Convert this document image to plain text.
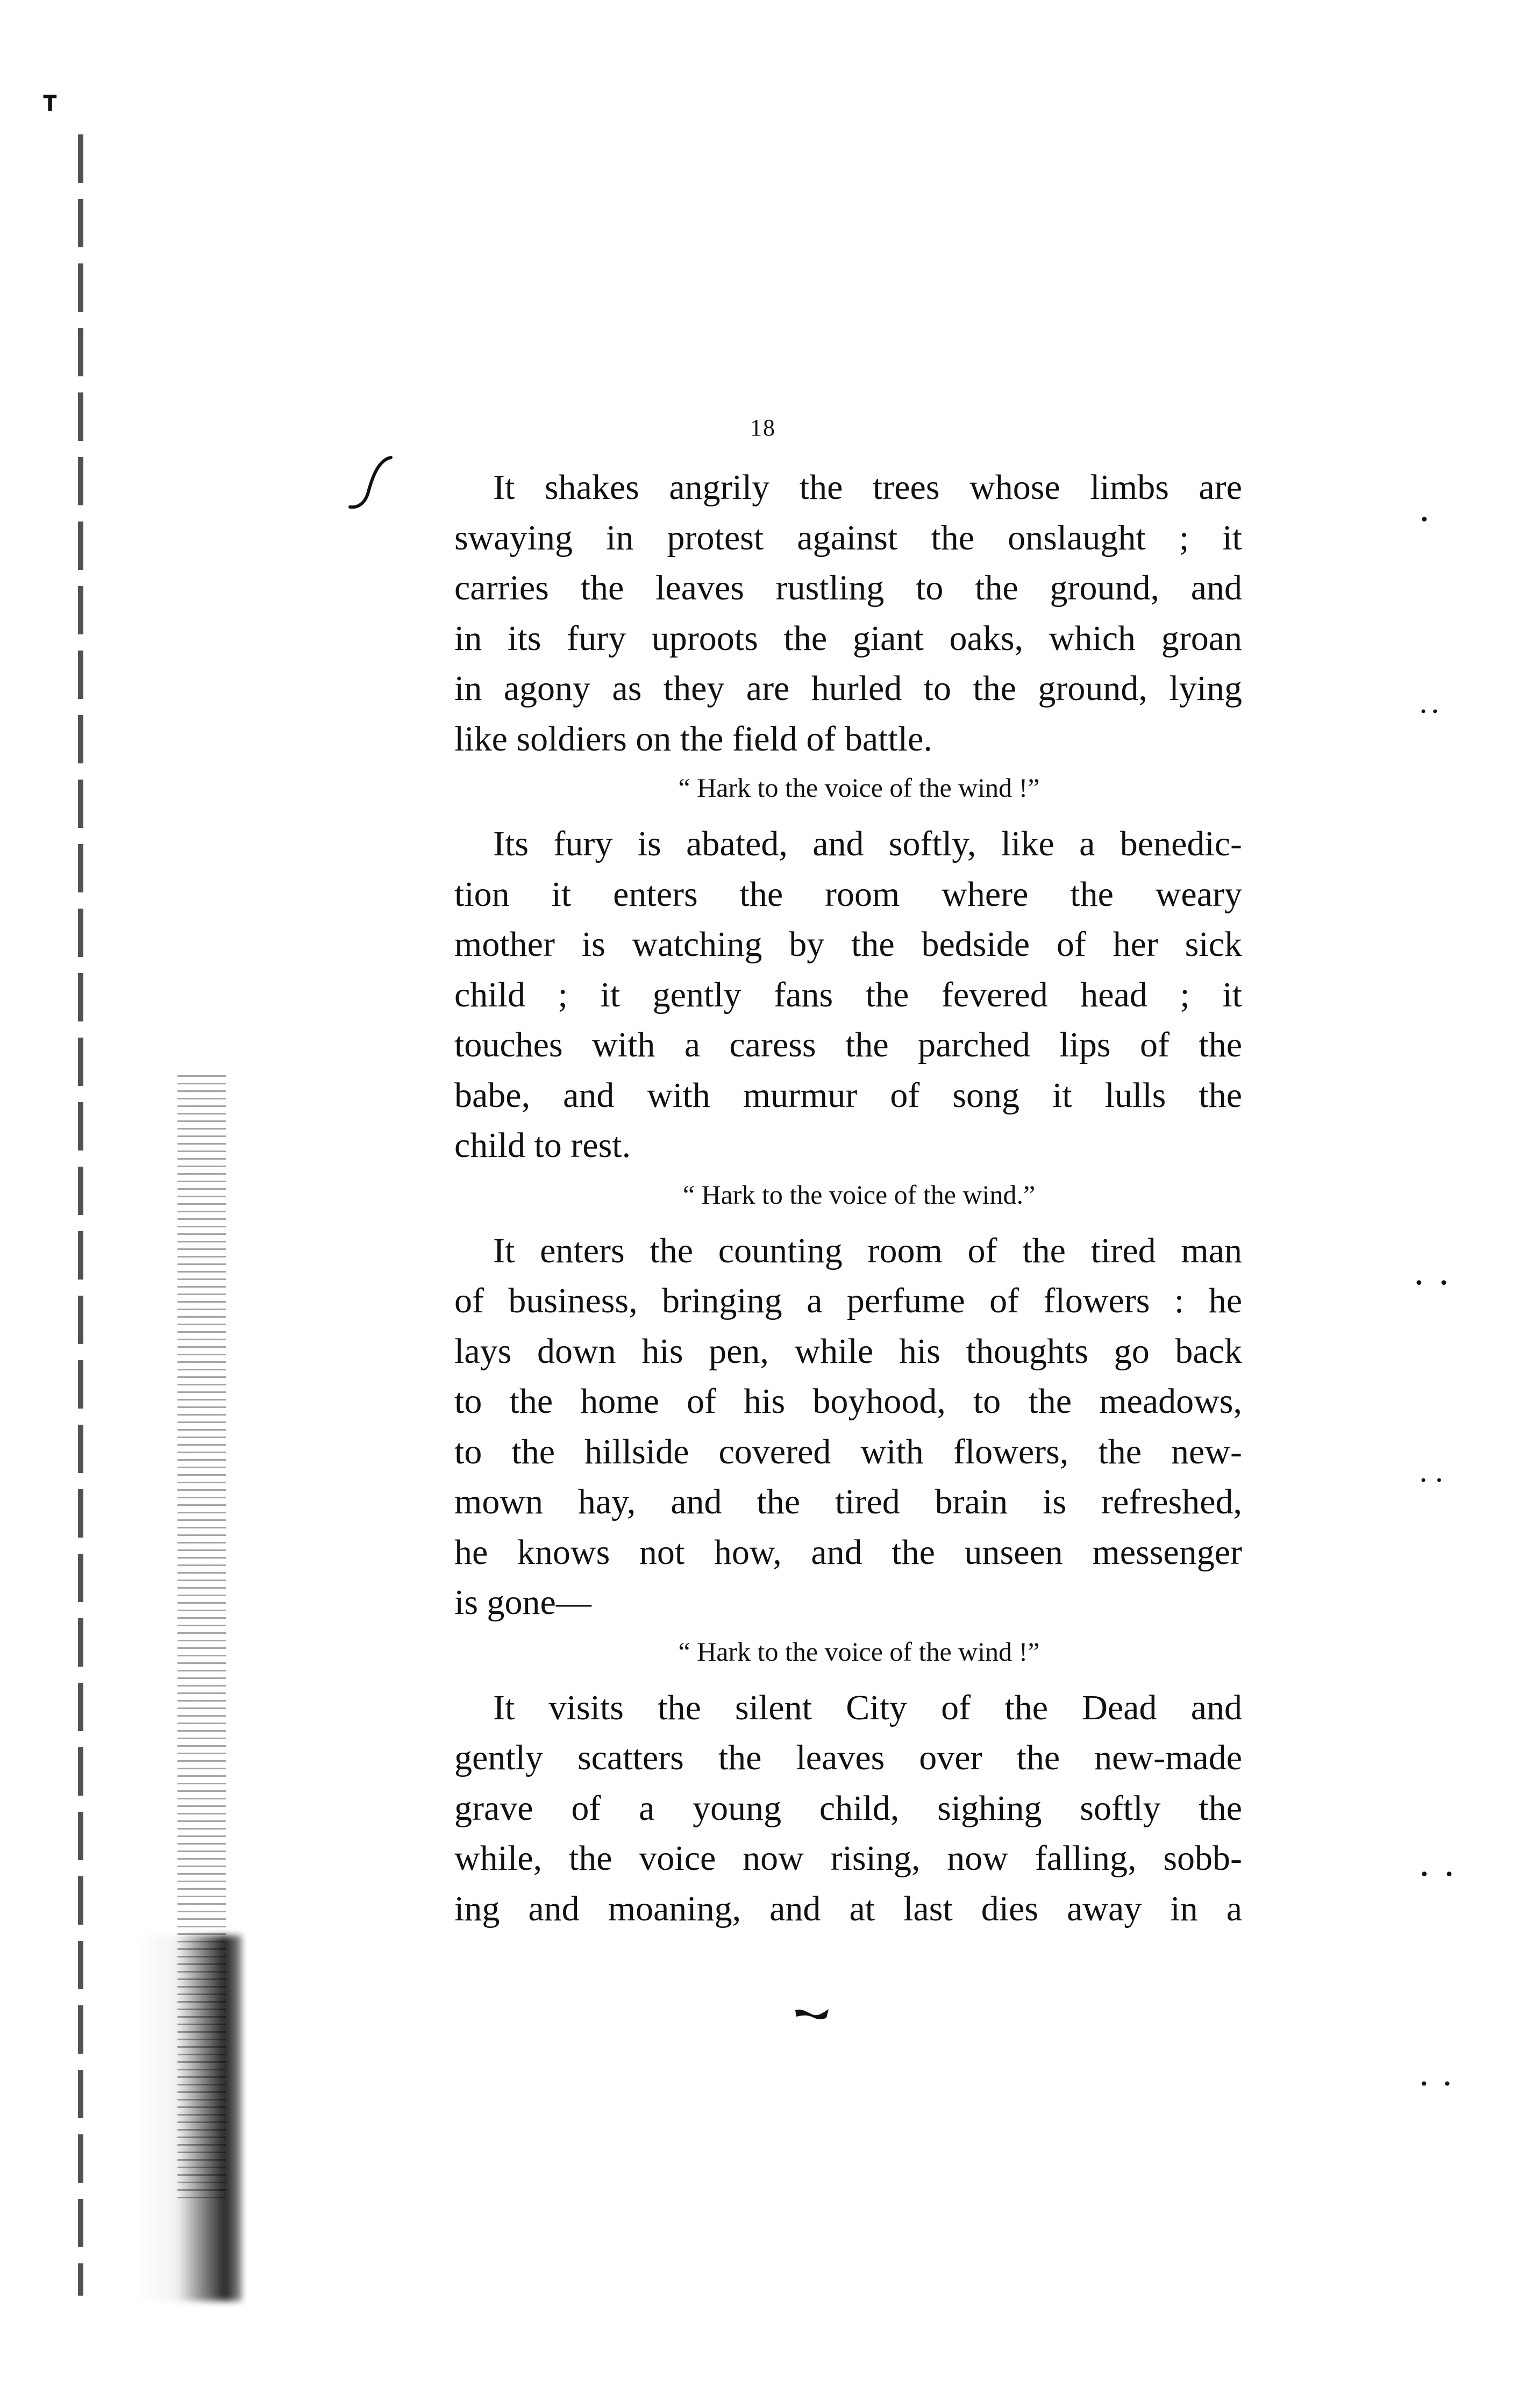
𝐓
•
• •
•   •
•  •
•   •
•   •
18

It shakes angrily the trees whose limbs are
swaying in protest against the onslaught ; it
carries the leaves rustling to the ground, and
in its fury uproots the giant oaks, which groan
in agony as they are hurled to the ground, lying
like soldiers on the field of battle.

“ Hark to the voice of the wind !”

Its fury is abated, and softly, like a benedic-
tion it enters the room where the weary
mother is watching by the bedside of her sick
child ; it gently fans the fevered head ; it
touches with a caress the parched lips of the
babe, and with murmur of song it lulls the
child to rest.

“ Hark to the voice of the wind.”

It enters the counting room of the tired man
of business, bringing a perfume of flowers : he
lays down his pen, while his thoughts go back
to the home of his boyhood, to the meadows,
to the hillside covered with flowers, the new-
mown hay, and the tired brain is refreshed,
he knows not how, and the unseen messenger
is gone—

“ Hark to the voice of the wind !”

It visits the silent City of the Dead and
gently scatters the leaves over the new-made
grave of a young child, sighing softly the
while, the voice now rising, now falling, sobb-
ing and moaning, and at last dies away in a
